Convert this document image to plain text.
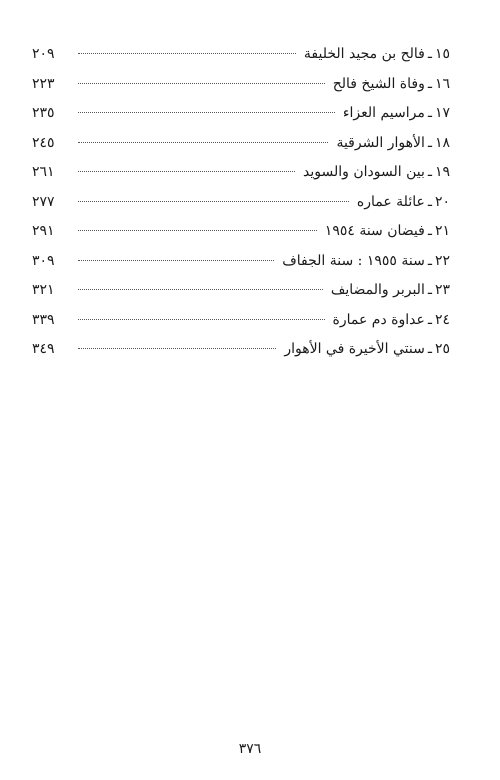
١٥
ـ
فالح بن مجيد الخليفة
٢٠٩
١٦
ـ
وفاة الشيخ فالح
٢٢٣
١٧
ـ
مراسيم العزاء
٢٣٥
١٨
ـ
الأهوار الشرقية
٢٤٥
١٩
ـ
بين السودان والسويد
٢٦١
٢٠
ـ
عائلة عماره
٢٧٧
٢١
ـ
فيضان سنة ١٩٥٤
٢٩١
٢٢
ـ
سنة ١٩٥٥ : سنة الجفاف
٣٠٩
٢٣
ـ
البربر والمضايف
٣٢١
٢٤
ـ
عداوة دم عمارة
٣٣٩
٢٥
ـ
سنتي الأخيرة في الأهوار
٣٤٩
٣٧٦
